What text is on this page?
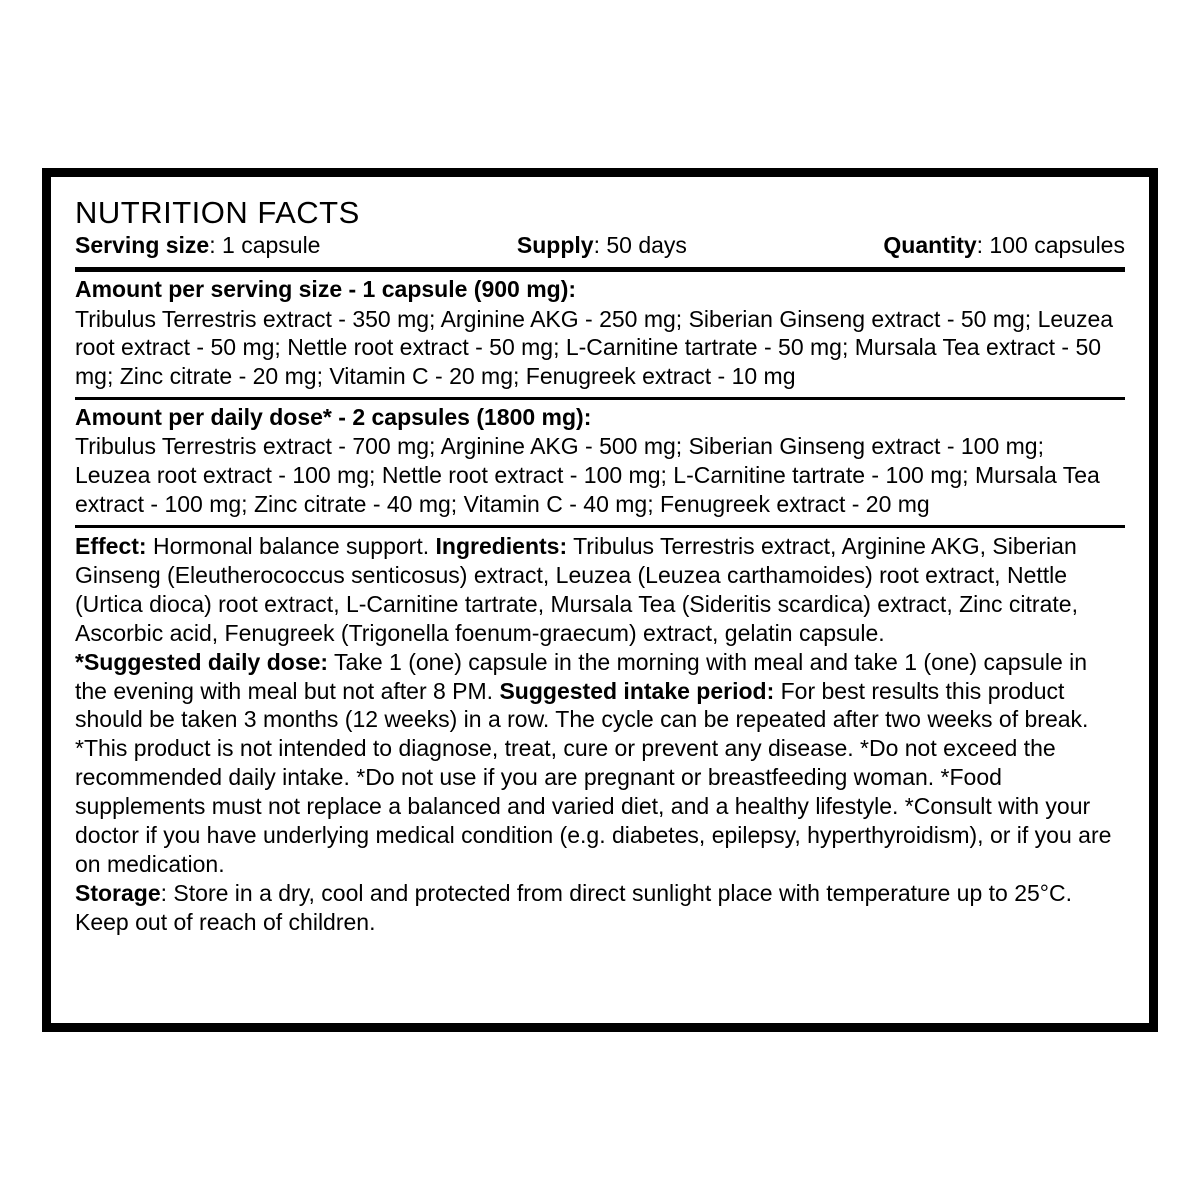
NUTRITION FACTS
Serving size: 1 capsule	Supply: 50 days	Quantity: 100 capsules
Amount per serving size - 1 capsule (900 mg):
Tribulus Terrestris extract - 350 mg; Arginine AKG - 250 mg; Siberian Ginseng extract - 50 mg; Leuzea root extract - 50 mg; Nettle root extract - 50 mg; L-Carnitine tartrate - 50 mg; Mursala Tea extract - 50 mg; Zinc citrate - 20 mg; Vitamin C - 20 mg; Fenugreek extract - 10 mg
Amount per daily dose* - 2 capsules (1800 mg):
Tribulus Terrestris extract - 700 mg; Arginine AKG - 500 mg; Siberian Ginseng extract - 100 mg; Leuzea root extract - 100 mg; Nettle root extract - 100 mg; L-Carnitine tartrate - 100 mg; Mursala Tea extract - 100 mg; Zinc citrate - 40 mg; Vitamin C - 40 mg; Fenugreek extract - 20 mg

Effect: Hormonal balance support. Ingredients: Tribulus Terrestris extract, Arginine AKG, Siberian Ginseng (Eleutherococcus senticosus) extract, Leuzea (Leuzea carthamoides) root extract, Nettle (Urtica dioca) root extract, L-Carnitine tartrate, Mursala Tea (Sideritis scardica) extract, Zinc citrate, Ascorbic acid, Fenugreek (Trigonella foenum-graecum) extract, gelatin capsule.

*Suggested daily dose: Take 1 (one) capsule in the morning with meal and take 1 (one) capsule in the evening with meal but not after 8 PM. Suggested intake period: For best results this product should be taken 3 months (12 weeks) in a row. The cycle can be repeated after two weeks of break. *This product is not intended to diagnose, treat, cure or prevent any disease. *Do not exceed the recommended daily intake. *Do not use if you are pregnant or breastfeeding woman. *Food supplements must not replace a balanced and varied diet, and a healthy lifestyle. *Consult with your doctor if you have underlying medical condition (e.g. diabetes, epilepsy, hyperthyroidism), or if you are on medication.

Storage: Store in a dry, cool and protected from direct sunlight place with temperature up to 25°C. Keep out of reach of children.
